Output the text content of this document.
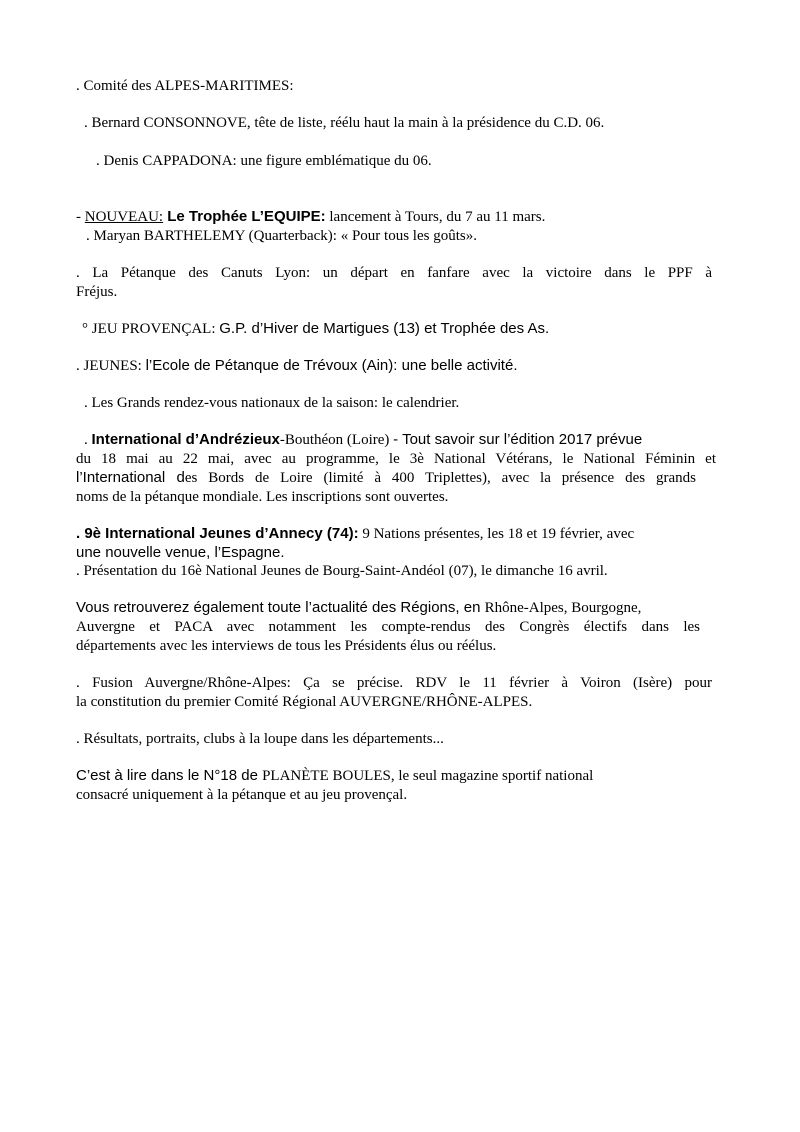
. Comité des ALPES-MARITIMES:
. Bernard CONSONNOVE, tête de liste, réélu haut la main à la présidence du C.D. 06.
. Denis CAPPADONA: une figure emblématique du 06.
- NOUVEAU: Le Trophée L’EQUIPE: lancement à Tours, du 7 au 11 mars.
. Maryan BARTHELEMY (Quarterback): « Pour tous les goûts».
. La Pétanque des Canuts Lyon: un départ en fanfare avec la victoire dans le PPF à
Fréjus.
° JEU PROVENÇAL: G.P. d’Hiver de Martigues (13) et Trophée des As.
. JEUNES: l’Ecole de Pétanque de Trévoux (Ain): une belle activité.
. Les Grands rendez-vous nationaux de la saison: le calendrier.
. International d’Andrézieux-Bouthéon (Loire) - Tout savoir sur l’édition 2017 prévue
du 18 mai au 22 mai, avec au programme, le 3è National Vétérans, le National Féminin et
l’International des Bords de Loire (limité à 400 Triplettes), avec la présence des grands
noms de la pétanque mondiale. Les inscriptions sont ouvertes.
. 9è International Jeunes d’Annecy (74): 9 Nations présentes, les 18 et 19 février, avec
une nouvelle venue, l’Espagne.
. Présentation du 16è National Jeunes de Bourg-Saint-Andéol (07), le dimanche 16 avril.
Vous retrouverez également toute l’actualité des Régions, en Rhône-Alpes, Bourgogne,
Auvergne et PACA avec notamment les compte-rendus des Congrès électifs dans les
départements avec les interviews de tous les Présidents élus ou réélus.
. Fusion Auvergne/Rhône-Alpes: Ça se précise. RDV le 11 février à Voiron (Isère) pour
la constitution du premier Comité Régional AUVERGNE/RHÔNE-ALPES.
. Résultats, portraits, clubs à la loupe dans les départements...
C’est à lire dans le N°18 de PLANÈTE BOULES, le seul magazine sportif national
consacré uniquement à la pétanque et au jeu provençal.
